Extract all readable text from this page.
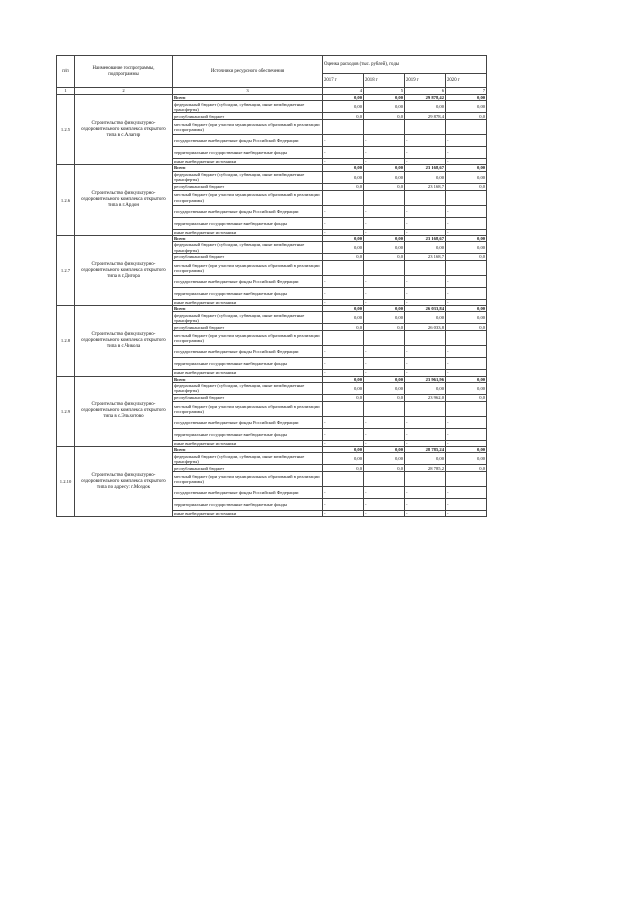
п/п	Наименование госпрограммы, подпрограммы	Источники ресурсного обеспечения	Оценка расходов (тыс. рублей), годы			
			2017 г	2018 г	2019 г	2020 г
1	2	3	4	5	6	7
1.2.5	Строительство физкультурно-оздоровительного комплекса открытого типа в с.Алагир	Всего	0,00	0,00	29 878,42	0,00
		федеральный бюджет (субсидии, субвенции, иные межбюджетные трансферты)	0,00	0,00	0,00	0,00
		республиканский бюджет	0,0	0,0	29 878,4	0,0
		местный бюджет (при участии муниципальных образований в реализации госпрограммы)				
		государственные внебюджетные фонды Российской Федерации	-	-	-	-
		территориальные государственные внебюджетные фонды	-	-	-	-
		иные внебюджетные источники	-	-	-	-
1.2.6	Строительство физкультурно-оздоровительного комплекса открытого типа в г.Ардон	Всего	0,00	0,00	23 168,67	0,00
		федеральный бюджет (субсидии, субвенции, иные межбюджетные трансферты)	0,00	0,00	0,00	0,00
		республиканский бюджет	0,0	0,0	23 168,7	0,0
		местный бюджет (при участии муниципальных образований в реализации госпрограммы)				
		государственные внебюджетные фонды Российской Федерации	-	-	-	-
		территориальные государственные внебюджетные фонды	-	-	-	-
		иные внебюджетные источники	-	-	-	-
1.2.7	Строительство физкультурно-оздоровительного комплекса открытого типа в г.Дигора	Всего	0,00	0,00	23 168,67	0,00
		федеральный бюджет (субсидии, субвенции, иные межбюджетные трансферты)	0,00	0,00	0,00	0,00
		республиканский бюджет	0,0	0,0	23 168,7	0,0
		местный бюджет (при участии муниципальных образований в реализации госпрограммы)				
		государственные внебюджетные фонды Российской Федерации	-	-	-	-
		территориальные государственные внебюджетные фонды	-	-	-	-
		иные внебюджетные источники	-	-	-	-
1.2.8	Строительство физкультурно-оздоровительного комплекса открытого типа в с.Чикола	Всего	0,00	0,00	26 033,84	0,00
		федеральный бюджет (субсидии, субвенции, иные межбюджетные трансферты)	0,00	0,00	0,00	0,00
		республиканский бюджет	0,0	0,0	26 033,8	0,0
		местный бюджет (при участии муниципальных образований в реализации госпрограммы)				
		государственные внебюджетные фонды Российской Федерации	-	-	-	-
		территориальные государственные внебюджетные фонды	-	-	-	-
		иные внебюджетные источники	-	-	-	-
1.2.9	Строительство физкультурно-оздоровительного комплекса открытого типа в с.Эльхотово	Всего	0,00	0,00	23 961,96	0,00
		федеральный бюджет (субсидии, субвенции, иные межбюджетные трансферты)	0,00	0,00	0,00	0,00
		республиканский бюджет	0,0	0,0	23 962,0	0,0
		местный бюджет (при участии муниципальных образований в реализации госпрограммы)				
		государственные внебюджетные фонды Российской Федерации	-	-	-	-
		территориальные государственные внебюджетные фонды	-	-	-	-
		иные внебюджетные источники	-	-	-	-
1.2.10	Строительство физкультурно-оздоровительного комплекса открытого типа по адресу: г.Моздок	Всего	0,00	0,00	28 785,24	0,00
		федеральный бюджет (субсидии, субвенции, иные межбюджетные трансферты)	0,00	0,00	0,00	0,00
		республиканский бюджет	0,0	0,0	28 785,2	0,0
		местный бюджет (при участии муниципальных образований в реализации госпрограммы)				
		государственные внебюджетные фонды Российской Федерации	-	-	-	-
		территориальные государственные внебюджетные фонды	-	-	-	-
		иные внебюджетные источники	-	-	-	-
